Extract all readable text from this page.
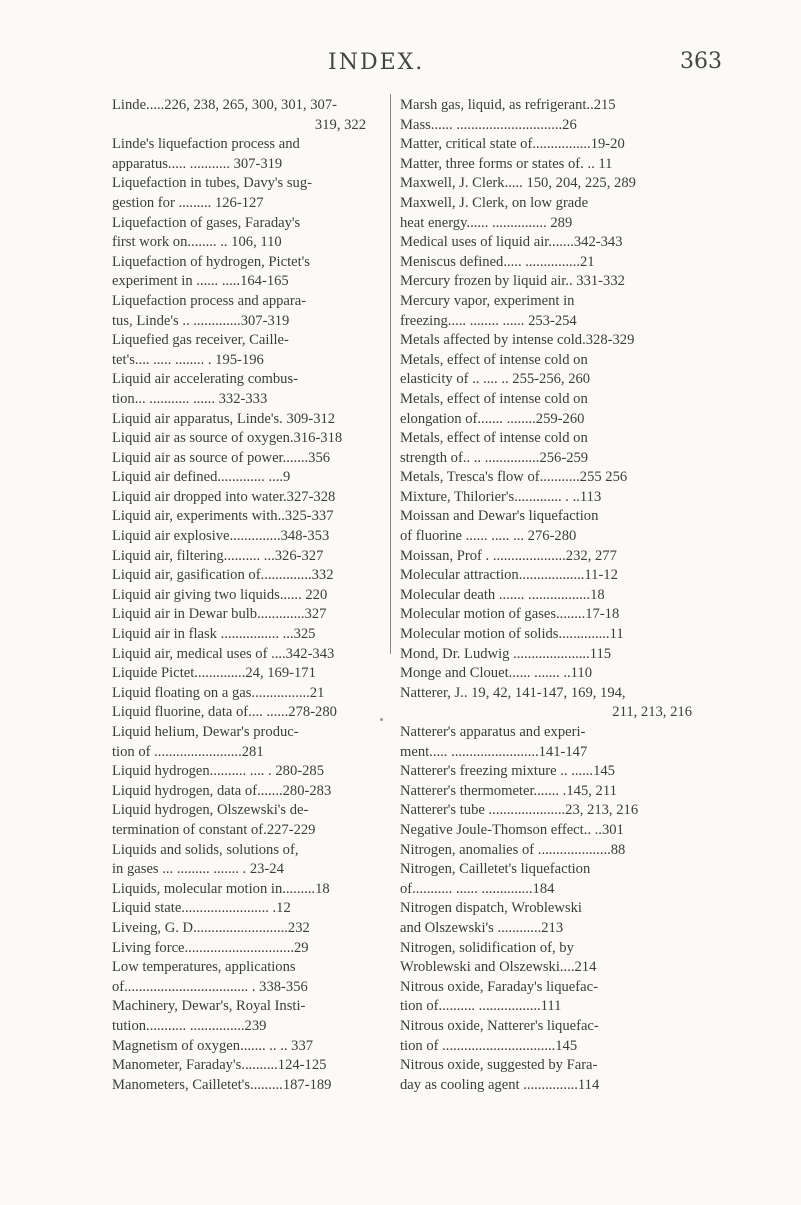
INDEX.	363
Linde.....226, 238, 265, 300, 301, 307-
319, 322
Linde's liquefaction process and
apparatus..... ........... 307-319
Liquefaction in tubes, Davy's sug-
gestion for ......... 126-127
Liquefaction of gases, Faraday's
first work on........ .. 106, 110
Liquefaction of hydrogen, Pictet's
experiment in ...... .....164-165
Liquefaction process and appara-
tus, Linde's .. .............307-319
Liquefied gas receiver, Caille-
tet's.... ..... ........ . 195-196
Liquid air accelerating combus-
tion... ........... ...... 332-333
Liquid air apparatus, Linde's. 309-312
Liquid air as source of oxygen.316-318
Liquid air as source of power.......356
Liquid air defined............. ....9
Liquid air dropped into water.327-328
Liquid air, experiments with..325-337
Liquid air explosive..............348-353
Liquid air, filtering.......... ...326-327
Liquid air, gasification of..............332
Liquid air giving two liquids...... 220
Liquid air in Dewar bulb.............327
Liquid air in flask ................ ...325
Liquid air, medical uses of ....342-343
Liquide Pictet..............24, 169-171
Liquid floating on a gas................21
Liquid fluorine, data of.... ......278-280
Liquid helium, Dewar's produc-
tion of ........................281
Liquid hydrogen.......... .... . 280-285
Liquid hydrogen, data of.......280-283
Liquid hydrogen, Olszewski's de-
termination of constant of.227-229
Liquids and solids, solutions of,
in gases ... ......... ....... . 23-24
Liquids, molecular motion in.........18
Liquid state........................ .12
Liveing, G. D..........................232
Living force..............................29
Low temperatures, applications
of.................................. . 338-356
Machinery, Dewar's, Royal Insti-
tution........... ...............239
Magnetism of oxygen....... .. .. 337
Manometer, Faraday's..........124-125
Manometers, Cailletet's.........187-189
Marsh gas, liquid, as refrigerant..215
Mass...... .............................26
Matter, critical state of................19-20
Matter, three forms or states of. .. 11
Maxwell, J. Clerk..... 150, 204, 225, 289
Maxwell, J. Clerk, on low grade
heat energy...... ............... 289
Medical uses of liquid air.......342-343
Meniscus defined..... ...............21
Mercury frozen by liquid air.. 331-332
Mercury vapor, experiment in
freezing..... ........ ...... 253-254
Metals affected by intense cold.328-329
Metals, effect of intense cold on
elasticity of .. .... .. 255-256, 260
Metals, effect of intense cold on
elongation of....... ........259-260
Metals, effect of intense cold on
strength of.. .. ...............256-259
Metals, Tresca's flow of...........255 256
Mixture, Thilorier's............. . ..113
Moissan and Dewar's liquefaction
of fluorine ...... ..... ... 276-280
Moissan, Prof . ....................232, 277
Molecular attraction..................11-12
Molecular death ....... .................18
Molecular motion of gases........17-18
Molecular motion of solids..............11
Mond, Dr. Ludwig .....................115
Monge and Clouet...... ....... ..110
Natterer, J.. 19, 42, 141-147, 169, 194,
211, 213, 216
Natterer's apparatus and experi-
ment..... ........................141-147
Natterer's freezing mixture .. ......145
Natterer's thermometer....... .145, 211
Natterer's tube .....................23, 213, 216
Negative Joule-Thomson effect.. ..301
Nitrogen, anomalies of ....................88
Nitrogen, Cailletet's liquefaction
of........... ...... ..............184
Nitrogen dispatch, Wroblewski
and Olszewski's ............213
Nitrogen, solidification of, by
Wroblewski and Olszewski....214
Nitrous oxide, Faraday's liquefac-
tion of.......... .................111
Nitrous oxide, Natterer's liquefac-
tion of ...............................145
Nitrous oxide, suggested by Fara-
day as cooling agent ...............114
